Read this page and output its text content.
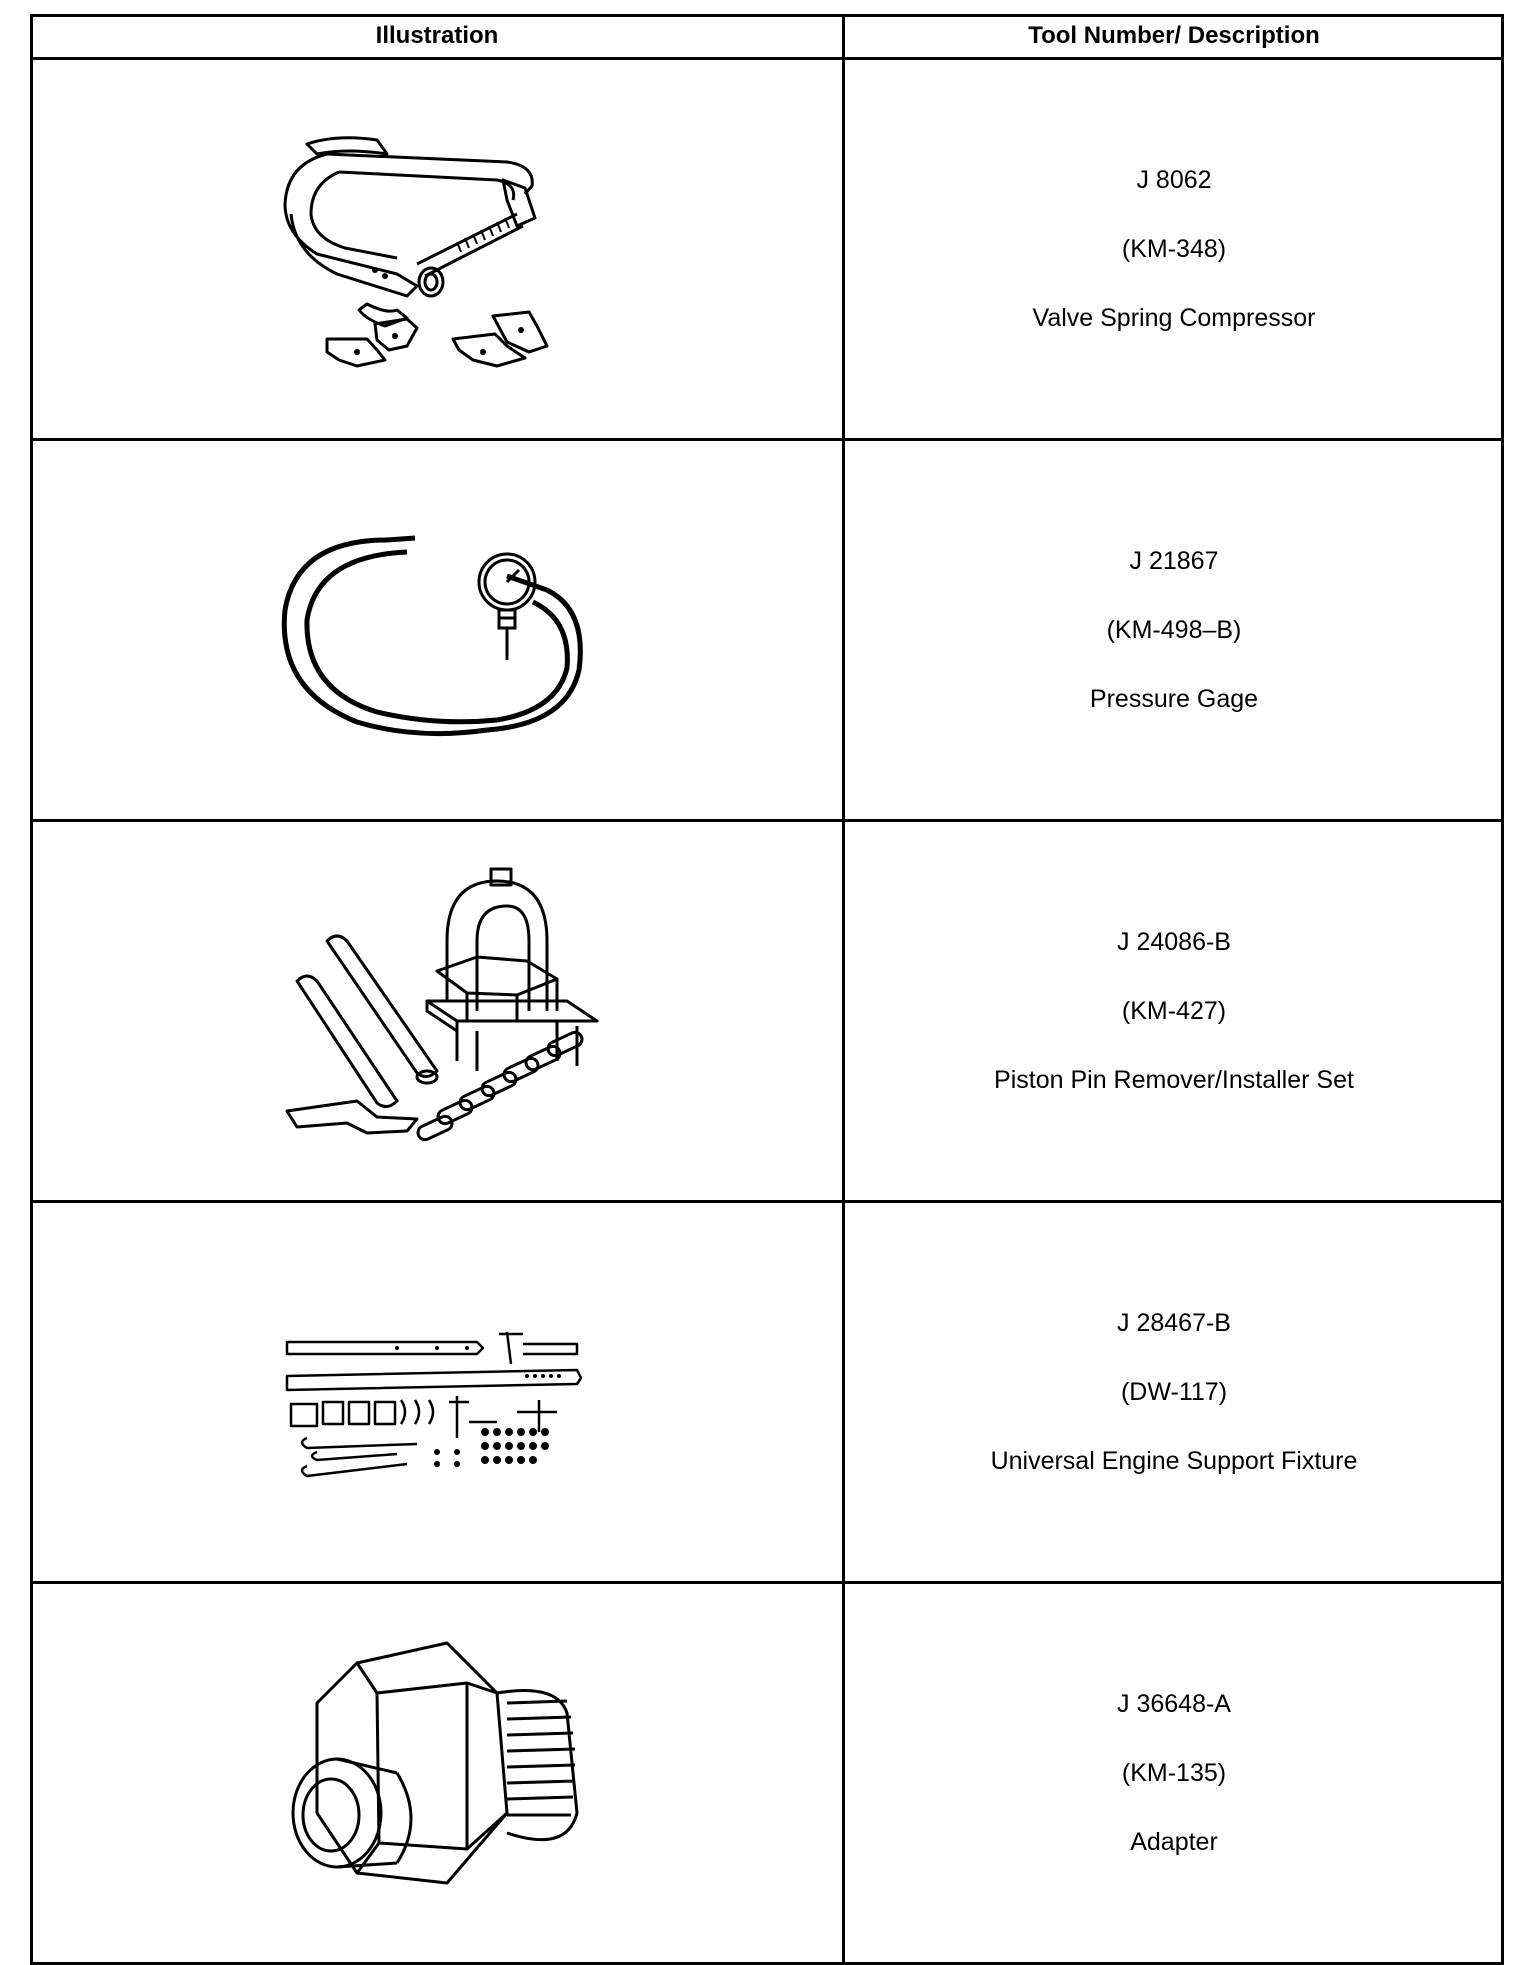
Illustration	Tool Number/ Description
J 8062
(KM-348)
Valve Spring Compressor
J 21867
(KM-498–B)
Pressure Gage
J 24086-B
(KM-427)
Piston Pin Remover/Installer Set
J 28467-B
(DW-117)
Universal Engine Support Fixture
J 36648-A
(KM-135)
Adapter
